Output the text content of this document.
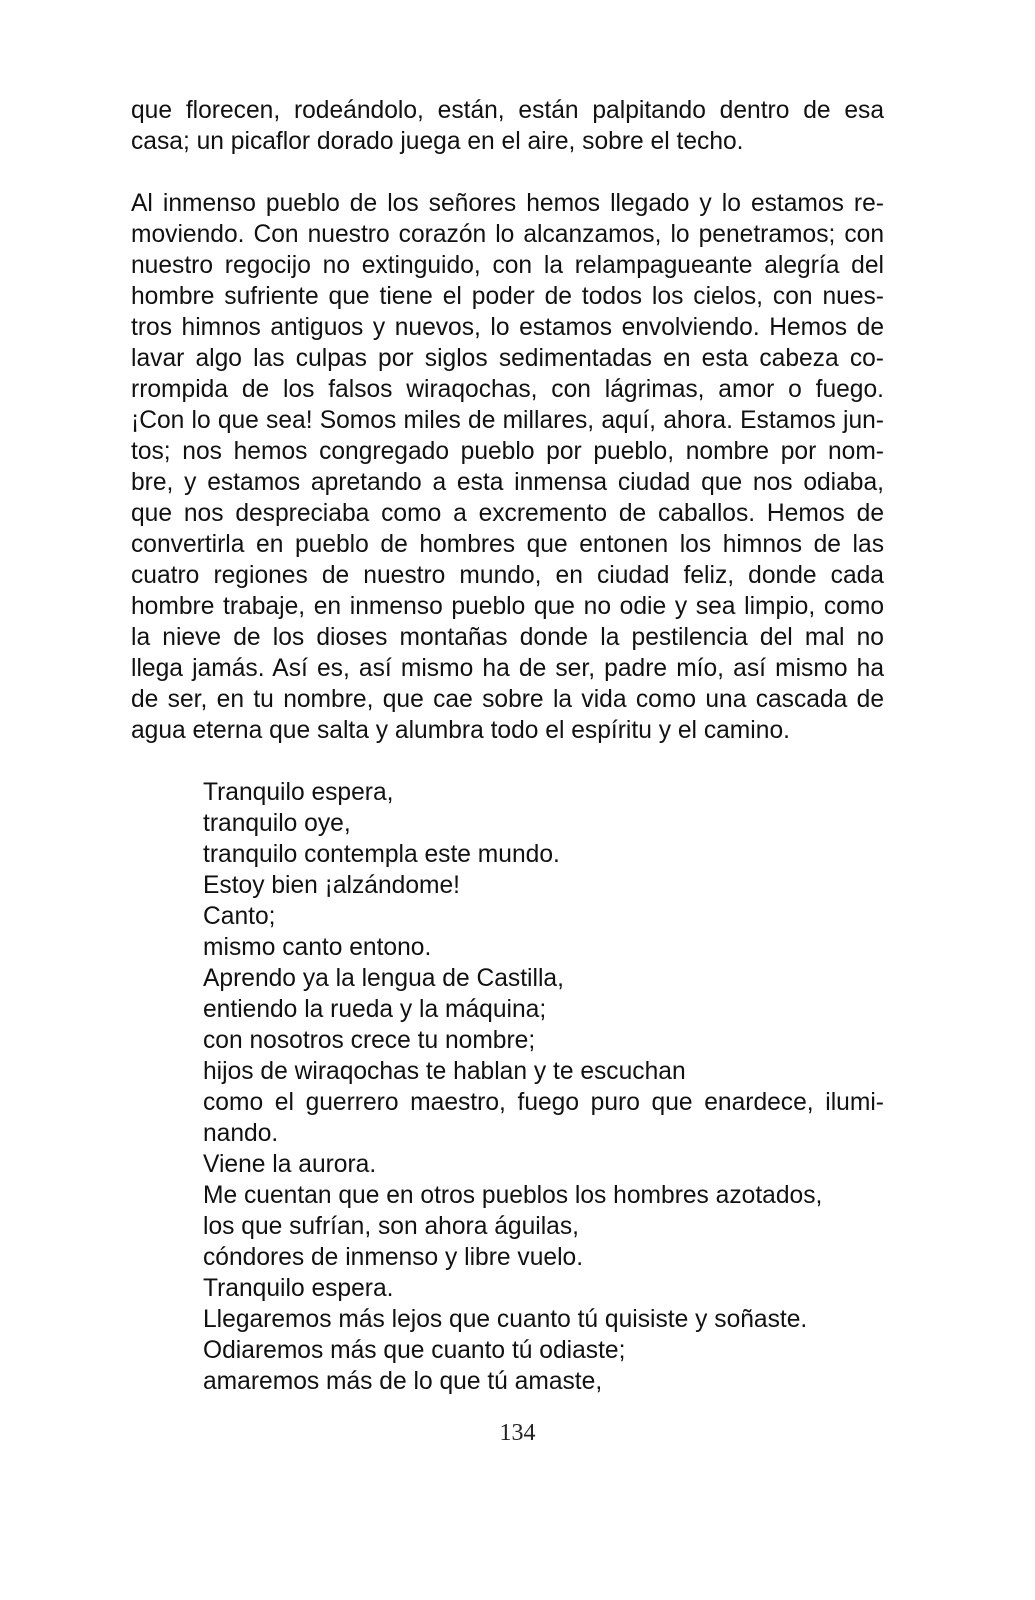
que florecen, rodeándolo, están, están palpitando dentro de esa
casa; un picaflor dorado juega en el aire, sobre el techo.
Al inmenso pueblo de los señores hemos llegado y lo estamos re-
moviendo. Con nuestro corazón lo alcanzamos, lo penetramos; con
nuestro regocijo no extinguido, con la relampagueante alegría del
hombre sufriente que tiene el poder de todos los cielos, con nues-
tros himnos antiguos y nuevos, lo estamos envolviendo. Hemos de
lavar algo las culpas por siglos sedimentadas en esta cabeza co-
rrompida de los falsos wiraqochas, con lágrimas, amor o fuego.
¡Con lo que sea! Somos miles de millares, aquí, ahora. Estamos jun-
tos; nos hemos congregado pueblo por pueblo, nombre por nom-
bre, y estamos apretando a esta inmensa ciudad que nos odiaba,
que nos despreciaba como a excremento de caballos. Hemos de
convertirla en pueblo de hombres que entonen los himnos de las
cuatro regiones de nuestro mundo, en ciudad feliz, donde cada
hombre trabaje, en inmenso pueblo que no odie y sea limpio, como
la nieve de los dioses montañas donde la pestilencia del mal no
llega jamás. Así es, así mismo ha de ser, padre mío, así mismo ha
de ser, en tu nombre, que cae sobre la vida como una cascada de
agua eterna que salta y alumbra todo el espíritu y el camino.
Tranquilo espera,
tranquilo oye,
tranquilo contempla este mundo.
Estoy bien ¡alzándome!
Canto;
mismo canto entono.
Aprendo ya la lengua de Castilla,
entiendo la rueda y la máquina;
con nosotros crece tu nombre;
hijos de wiraqochas te hablan y te escuchan
como el guerrero maestro, fuego puro que enardece, ilumi-
nando.
Viene la aurora.
Me cuentan que en otros pueblos los hombres azotados,
los que sufrían, son ahora águilas,
cóndores de inmenso y libre vuelo.
Tranquilo espera.
Llegaremos más lejos que cuanto tú quisiste y soñaste.
Odiaremos más que cuanto tú odiaste;
amaremos más de lo que tú amaste,
134
